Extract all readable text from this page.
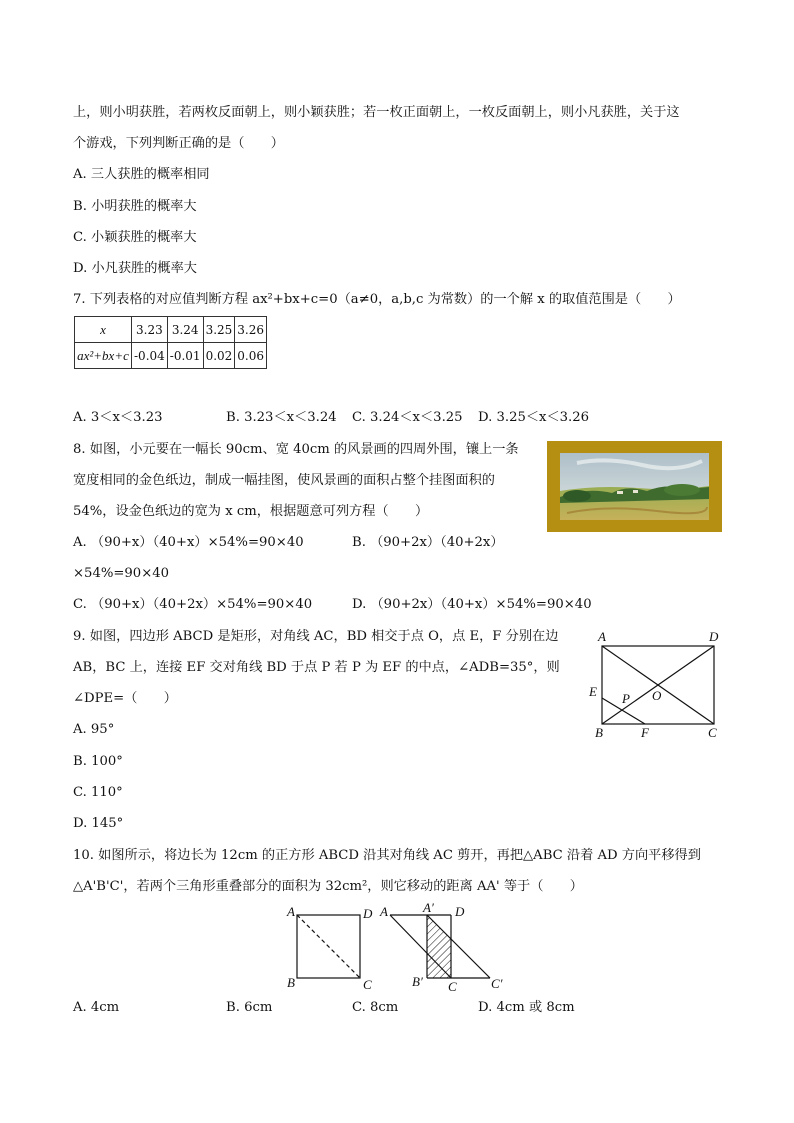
上，则小明获胜，若两枚反面朝上，则小颖获胜；若一枚正面朝上，一枚反面朝上，则小凡获胜，关于这
个游戏，下列判断正确的是（　　）
A. 三人获胜的概率相同
B. 小明获胜的概率大
C. 小颖获胜的概率大
D. 小凡获胜的概率大
7. 下列表格的对应值判断方程 ax²+bx+c=0（a≠0，a,b,c 为常数）的一个解 x 的取值范围是（　　）
x	3.23	3.24	3.25	3.26
ax²+bx+c	-0.04	-0.01	0.02	0.06
A. 3＜x＜3.23	B. 3.23＜x＜3.24 C. 3.24＜x＜3.25 D. 3.25＜x＜3.26
8. 如图，小元要在一幅长 90cm、宽 40cm 的风景画的四周外围，镶上一条
宽度相同的金色纸边，制成一幅挂图，使风景画的面积占整个挂图面积的
54%，设金色纸边的宽为 x cm，根据题意可列方程（　　）
A. （90+x）（40+x）×54%=90×40	B. （90+2x）（40+2x）
×54%=90×40
C. （90+x）（40+2x）×54%=90×40	D. （90+2x）（40+x）×54%=90×40
9. 如图，四边形 ABCD 是矩形，对角线 AC，BD 相交于点 O，点 E，F 分别在边
AB，BC 上，连接 EF 交对角线 BD 于点 P 若 P 为 EF 的中点，∠ADB=35°，则
∠DPE=（　　）
A. 95°
B. 100°
C. 110°
D. 145°
A	D
E P O
B	F	C
10. 如图所示，将边长为 12cm 的正方形 ABCD 沿其对角线 AC 剪开，再把△ABC 沿着 AD 方向平移得到
△A'B'C'，若两个三角形重叠部分的面积为 32cm²，则它移动的距离 AA' 等于（　　）
A	D
B	C
A	A′ D
B′ C	C′
A. 4cm	B. 6cm	C. 8cm	D. 4cm 或 8cm
